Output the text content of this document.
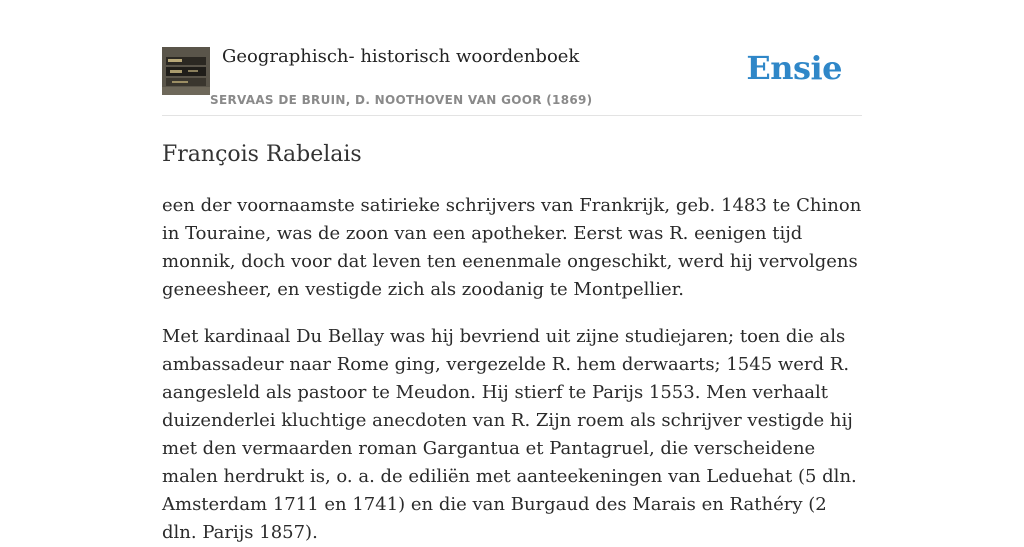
Geographisch- historisch woordenboek
SERVAAS DE BRUIN, D. NOOTHOVEN VAN GOOR (1869)
Ensie
François Rabelais

een der voornaamste satirieke schrijvers van Frankrijk, geb. 1483 te Chinon in Touraine, was de zoon van een apotheker. Eerst was R. eenigen tijd monnik, doch voor dat leven ten eenenmale ongeschikt, werd hij vervolgens geneesheer, en vestigde zich als zoodanig te Montpellier.

Met kardinaal Du Bellay was hij bevriend uit zijne studiejaren; toen die als ambassadeur naar Rome ging, vergezelde R. hem derwaarts; 1545 werd R. aangesleld als pastoor te Meudon. Hij stierf te Parijs 1553. Men verhaalt duizenderlei kluchtige anecdoten van R. Zijn roem als schrijver vestigde hij met den vermaarden roman Gargantua et Pantagruel, die verscheidene malen herdrukt is, o. a. de ediliën met aanteekeningen van Leduehat (5 dln. Amsterdam 1711 en 1741) en die van Burgaud des Marais en Rathéry (2 dln. Parijs 1857).
